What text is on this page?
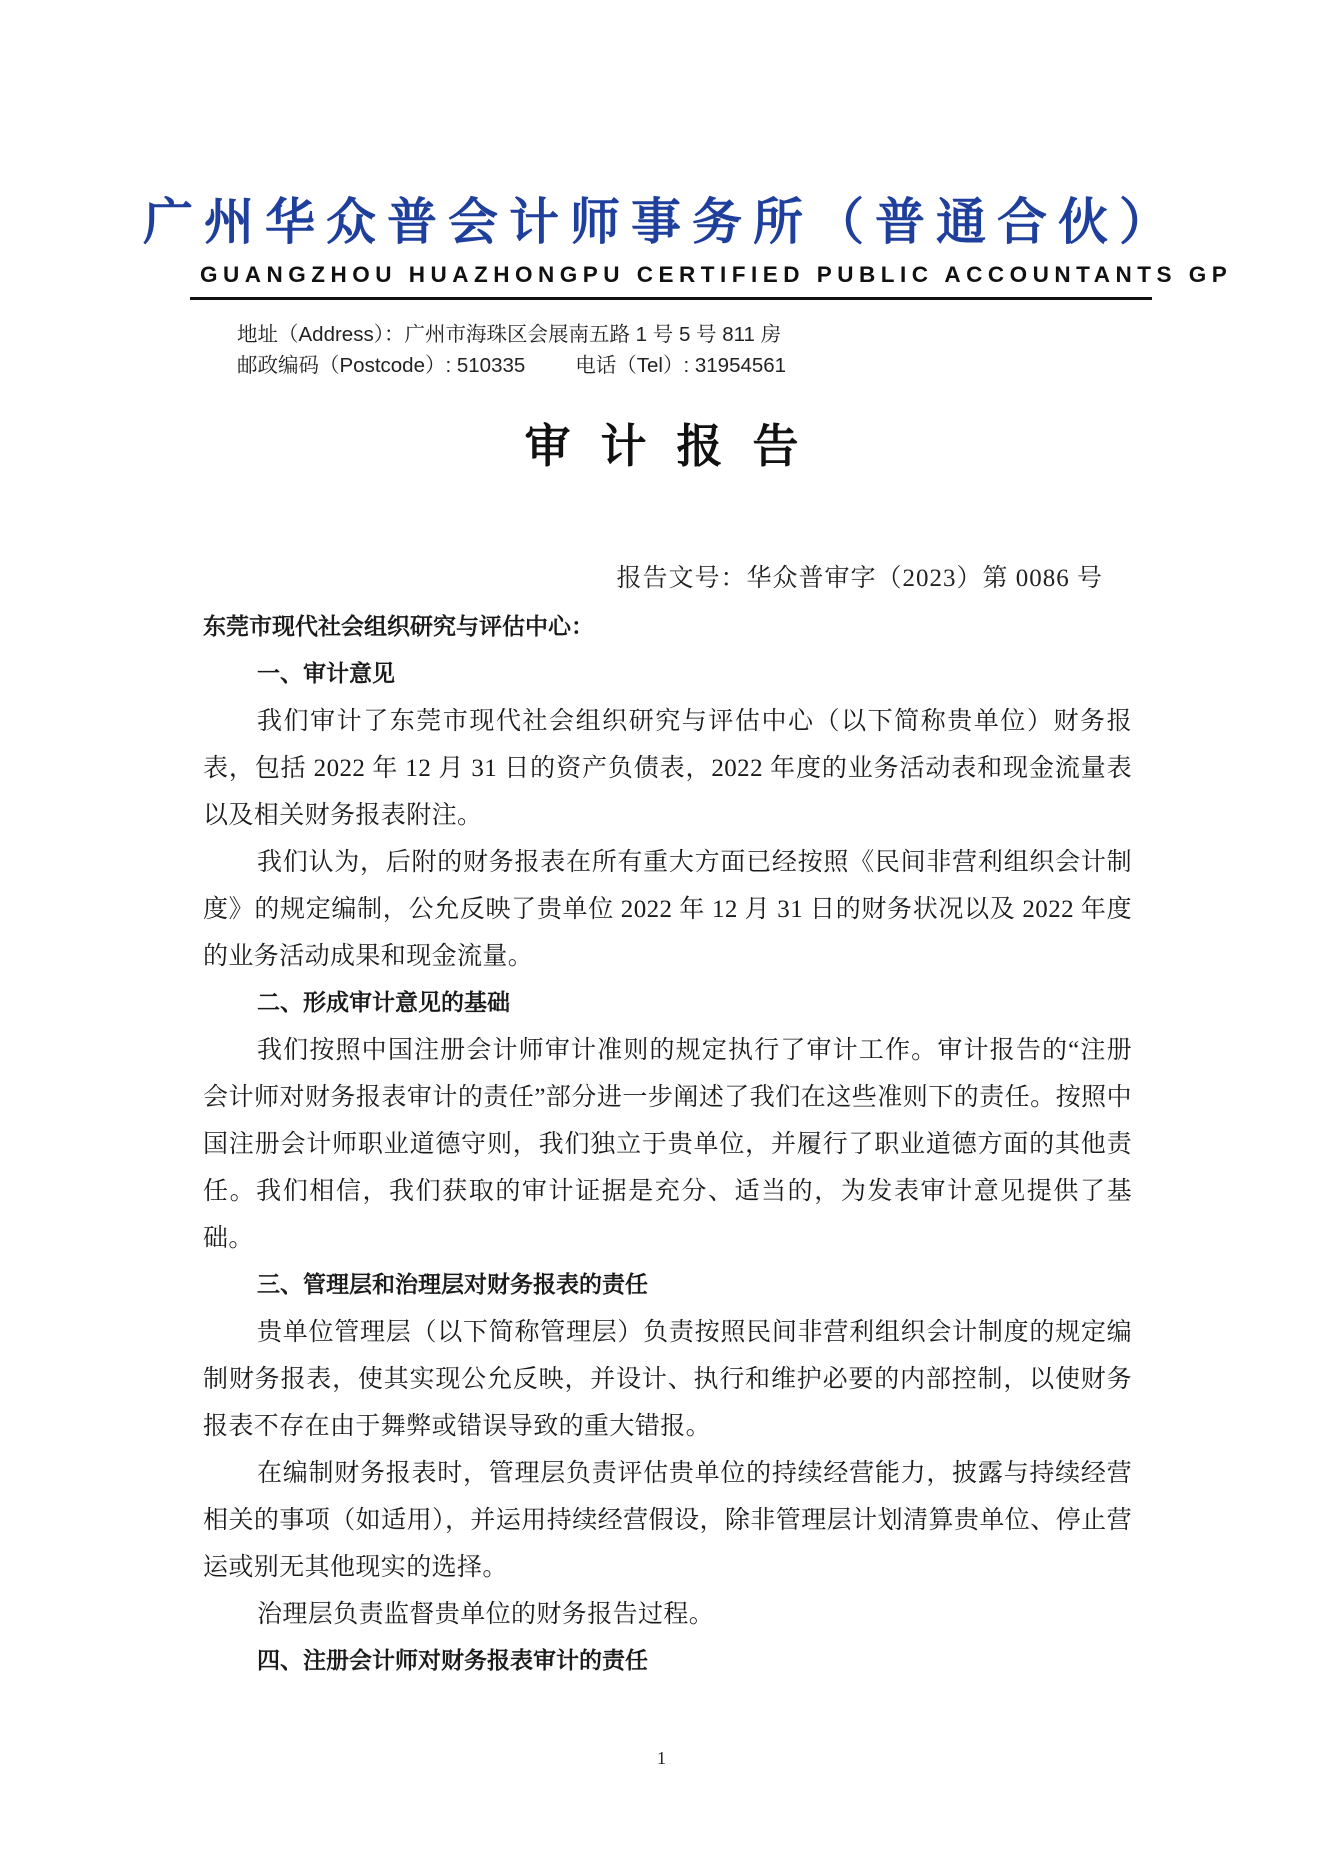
广州华众普会计师事务所（普通合伙）
GUANGZHOU HUAZHONGPU CERTIFIED PUBLIC ACCOUNTANTS GP
地址（Address）：广州市海珠区会展南五路 1 号 5 号 811 房
邮政编码（Postcode）: 510335 电话（Tel）: 31954561
审计报告
报告文号：华众普审字（2023）第 0086 号

东莞市现代社会组织研究与评估中心：

一、审计意见

我们审计了东莞市现代社会组织研究与评估中心（以下简称贵单位）财务报表，包括 2022 年 12 月 31 日的资产负债表，2022 年度的业务活动表和现金流量表以及相关财务报表附注。

我们认为，后附的财务报表在所有重大方面已经按照《民间非营利组织会计制度》的规定编制，公允反映了贵单位 2022 年 12 月 31 日的财务状况以及 2022 年度的业务活动成果和现金流量。

二、形成审计意见的基础

我们按照中国注册会计师审计准则的规定执行了审计工作。审计报告的“注册会计师对财务报表审计的责任”部分进一步阐述了我们在这些准则下的责任。按照中国注册会计师职业道德守则，我们独立于贵单位，并履行了职业道德方面的其他责任。我们相信，我们获取的审计证据是充分、适当的，为发表审计意见提供了基础。

三、管理层和治理层对财务报表的责任

贵单位管理层（以下简称管理层）负责按照民间非营利组织会计制度的规定编制财务报表，使其实现公允反映，并设计、执行和维护必要的内部控制，以使财务报表不存在由于舞弊或错误导致的重大错报。

在编制财务报表时，管理层负责评估贵单位的持续经营能力，披露与持续经营相关的事项（如适用），并运用持续经营假设，除非管理层计划清算贵单位、停止营运或别无其他现实的选择。

治理层负责监督贵单位的财务报告过程。

四、注册会计师对财务报表审计的责任

1
